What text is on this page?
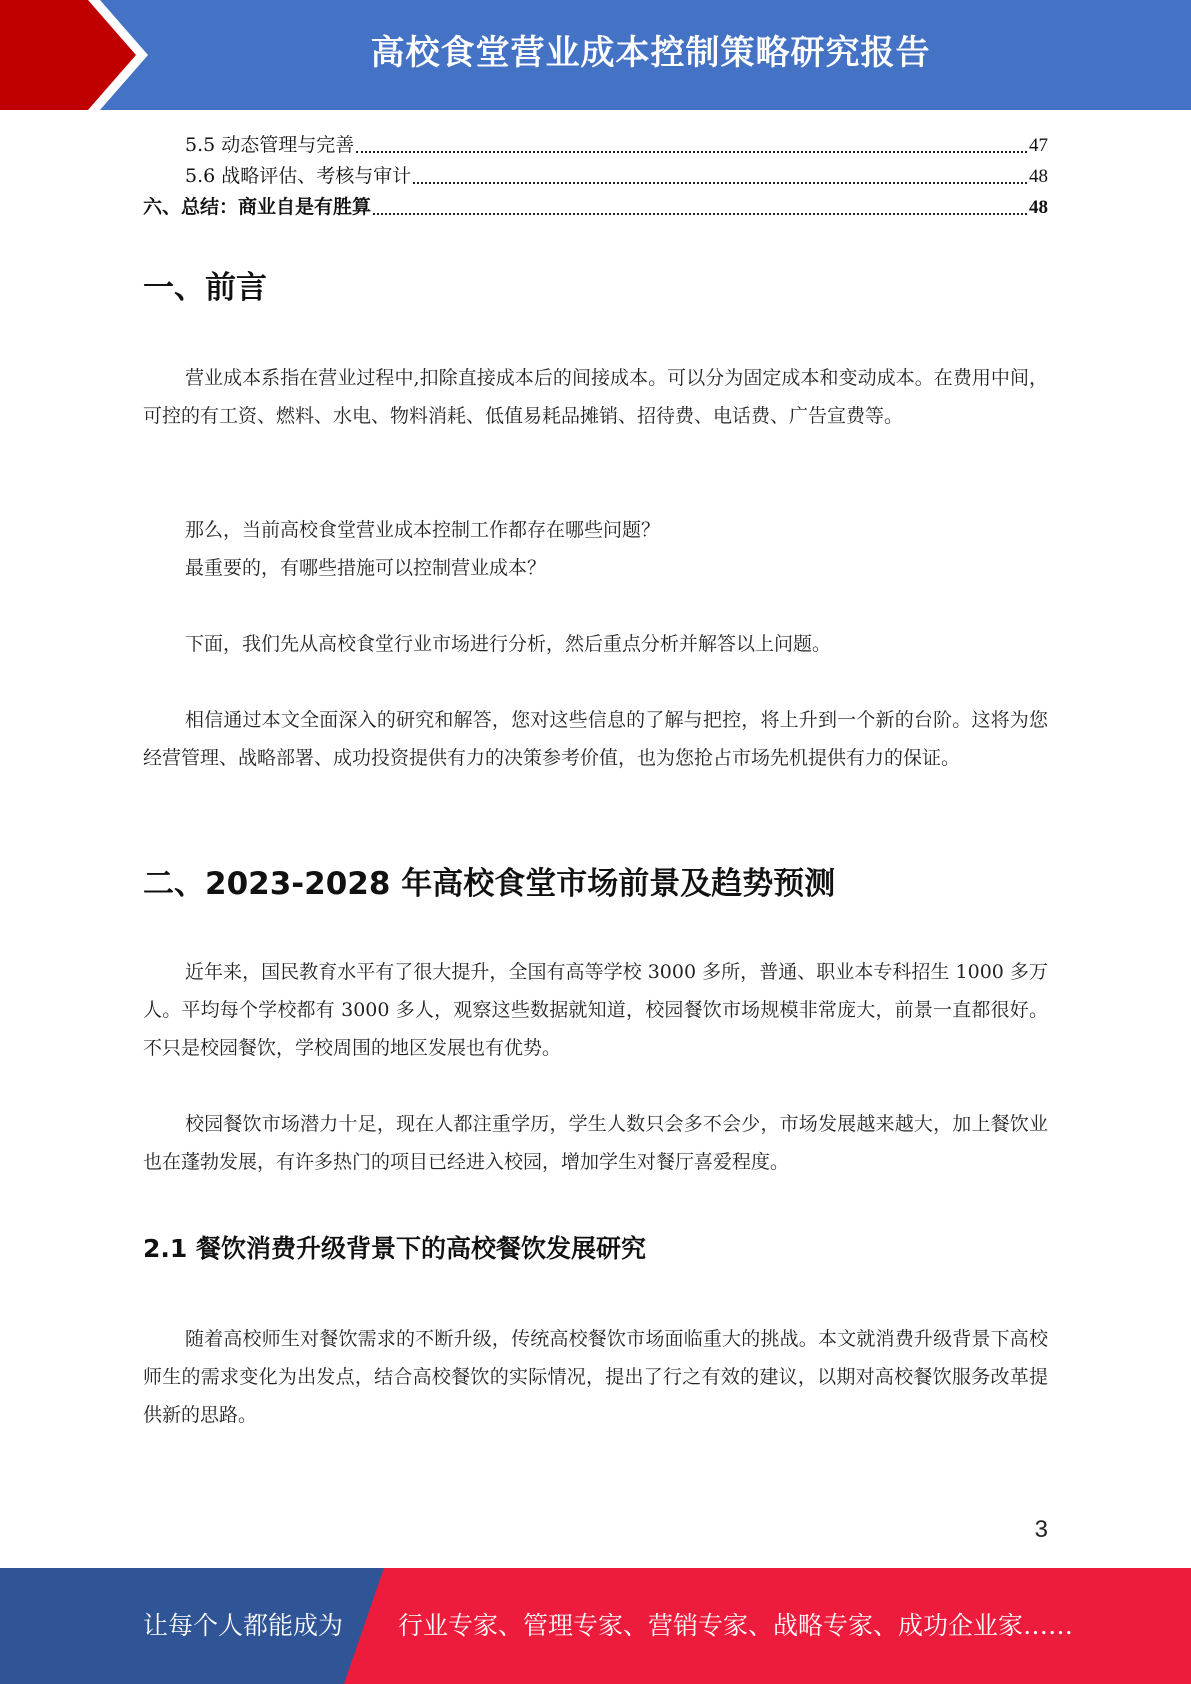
高校食堂营业成本控制策略研究报告
5.5 动态管理与完善	47
5.6 战略评估、考核与审计	48
六、总结：商业自是有胜算	48
一、前言

营业成本系指在营业过程中,扣除直接成本后的间接成本。可以分为固定成本和变动成本。在费用中间，可控的有工资、燃料、水电、物料消耗、低值易耗品摊销、招待费、电话费、广告宣费等。

那么，当前高校食堂营业成本控制工作都存在哪些问题？

最重要的，有哪些措施可以控制营业成本？

下面，我们先从高校食堂行业市场进行分析，然后重点分析并解答以上问题。

相信通过本文全面深入的研究和解答，您对这些信息的了解与把控，将上升到一个新的台阶。这将为您经营管理、战略部署、成功投资提供有力的决策参考价值，也为您抢占市场先机提供有力的保证。

二、2023-2028 年高校食堂市场前景及趋势预测

近年来，国民教育水平有了很大提升，全国有高等学校 3000 多所，普通、职业本专科招生 1000 多万人。平均每个学校都有 3000 多人，观察这些数据就知道，校园餐饮市场规模非常庞大，前景一直都很好。不只是校园餐饮，学校周围的地区发展也有优势。

校园餐饮市场潜力十足，现在人都注重学历，学生人数只会多不会少，市场发展越来越大，加上餐饮业也在蓬勃发展，有许多热门的项目已经进入校园，增加学生对餐厅喜爱程度。

2.1 餐饮消费升级背景下的高校餐饮发展研究

随着高校师生对餐饮需求的不断升级，传统高校餐饮市场面临重大的挑战。本文就消费升级背景下高校师生的需求变化为出发点，结合高校餐饮的实际情况，提出了行之有效的建议，以期对高校餐饮服务改革提供新的思路。

3
让每个人都能成为 行业专家、管理专家、营销专家、战略专家、成功企业家……
